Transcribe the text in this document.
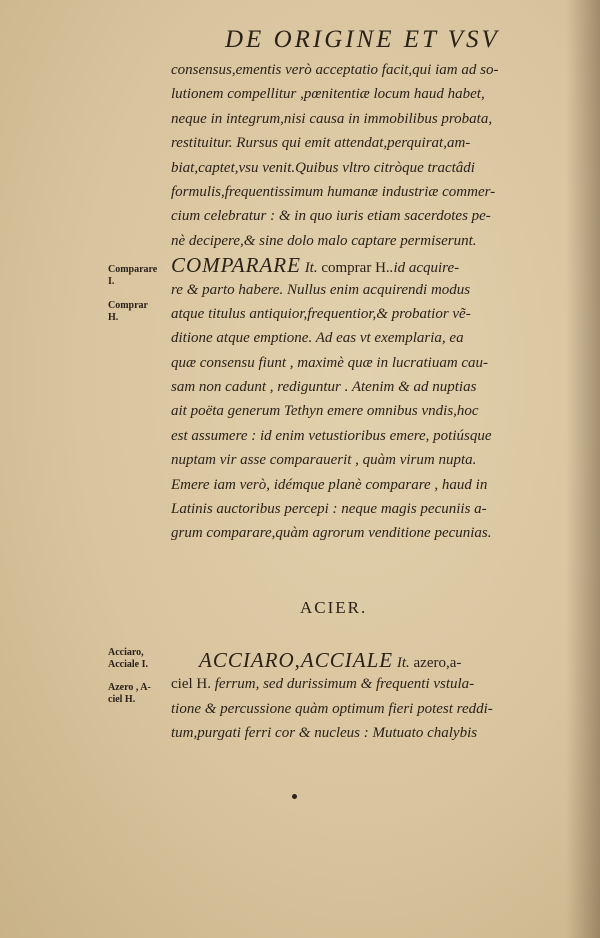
DE ORIGINE ET VSV
consensus,ementis verò acceptatio facit,qui iam ad so-
lutionem compellitur ,pœnitentiæ locum haud habet,
neque in integrum,nisi causa in immobilibus probata,
restituitur. Rursus qui emit attendat,perquirat,am-
biat,captet,vsu venit.Quibus vltro citròque tractâdi
formulis,frequentissimum humanæ industriæ commer-
cium celebratur : & in quo iuris etiam sacerdotes pe-
nè decipere,& sine dolo malo captare permiserunt.
COMPARARE It. comprar H..id acquire-
re & parto habere. Nullus enim acquirendi modus
atque titulus antiquior,frequentior,& probatior vẽ-
ditione atque emptione. Ad eas vt exemplaria, ea
quæ consensu fiunt , maximè quæ in lucratiuam cau-
sam non cadunt , rediguntur . Atenim & ad nuptias
ait poëta generum Tethyn emere omnibus vndis,hoc
est assumere : id enim vetustioribus emere, potiúsque
nuptam vir asse comparauerit , quàm virum nupta.
Emere iam verò, idémque planè comparare , haud in
Latinis auctoribus percepi : neque magis pecuniis a-
grum comparare,quàm agrorum venditione pecunias.
Comparare
I.
Comprar
H.
ACIER.
ACCIARO,ACCIALE It. azero,a-
ciel H. ferrum, sed durissimum & frequenti vstula-
tione & percussione quàm optimum fieri potest reddi-
tum,purgati ferri cor & nucleus : Mutuato chalybis
Acciaro,
Acciale I.
Azero , A-
ciel H.
